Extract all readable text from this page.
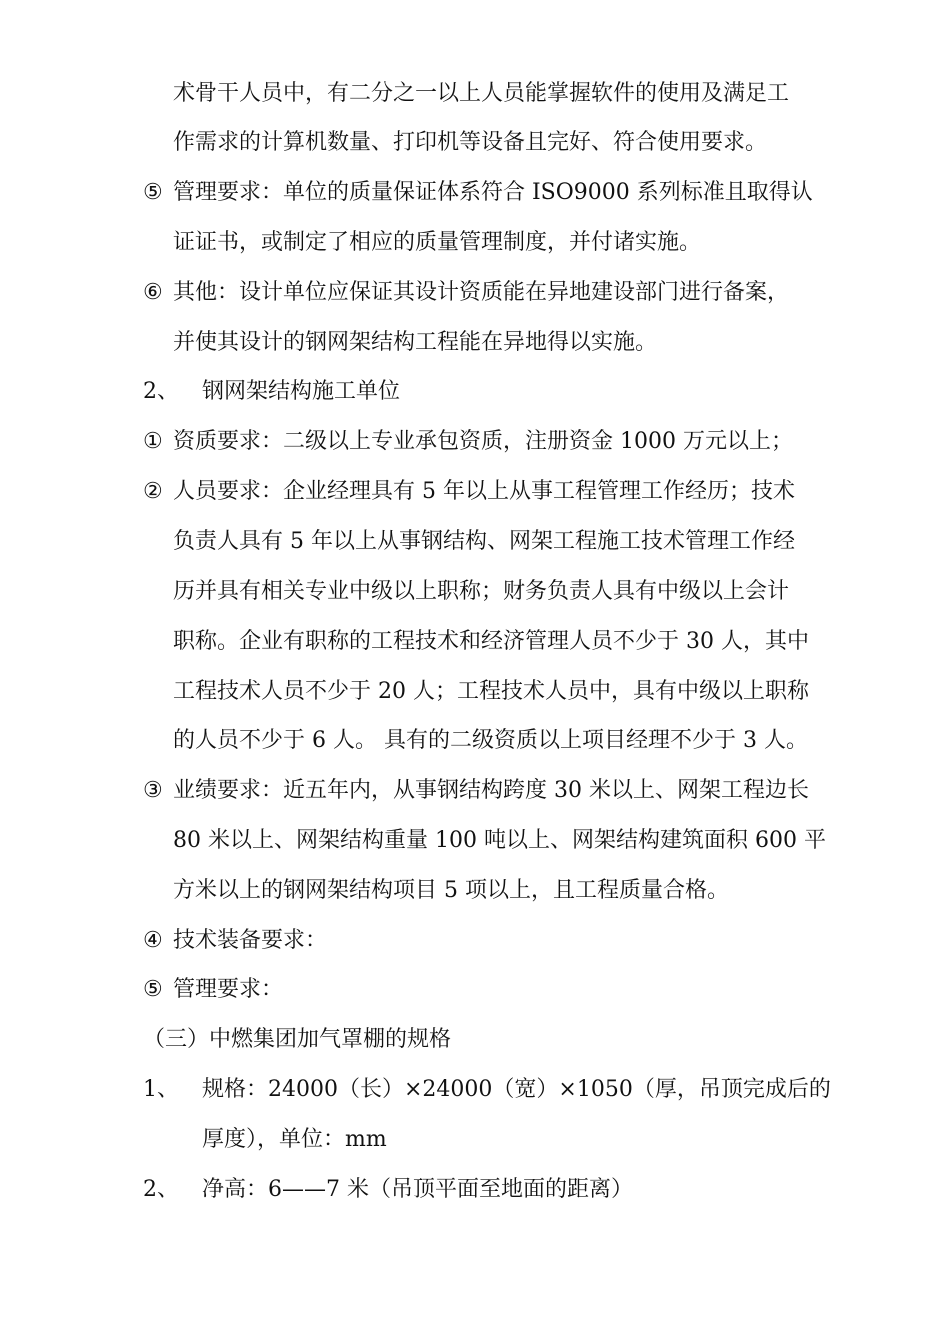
术骨干人员中，有二分之一以上人员能掌握软件的使用及满足工
作需求的计算机数量、打印机等设备且完好、符合使用要求。
⑤ 管理要求：单位的质量保证体系符合 ISO9000 系列标准且取得认
证证书，或制定了相应的质量管理制度，并付诸实施。
⑥ 其他：设计单位应保证其设计资质能在异地建设部门进行备案，
并使其设计的钢网架结构工程能在异地得以实施。
2、 钢网架结构施工单位
① 资质要求：二级以上专业承包资质，注册资金 1000 万元以上；
② 人员要求：企业经理具有 5 年以上从事工程管理工作经历；技术
负责人具有 5 年以上从事钢结构、网架工程施工技术管理工作经
历并具有相关专业中级以上职称；财务负责人具有中级以上会计
职称。企业有职称的工程技术和经济管理人员不少于 30 人，其中
工程技术人员不少于 20 人；工程技术人员中，具有中级以上职称
的人员不少于 6 人。 具有的二级资质以上项目经理不少于 3 人。
③ 业绩要求：近五年内，从事钢结构跨度 30 米以上、网架工程边长
80 米以上、网架结构重量 100 吨以上、网架结构建筑面积 600 平
方米以上的钢网架结构项目 5 项以上，且工程质量合格。
④ 技术装备要求：
⑤ 管理要求：
（三）中燃集团加气罩棚的规格
1、 规格：24000（长）×24000（宽）×1050（厚，吊顶完成后的
厚度），单位：mm
2、 净高：6——7 米（吊顶平面至地面的距离）
